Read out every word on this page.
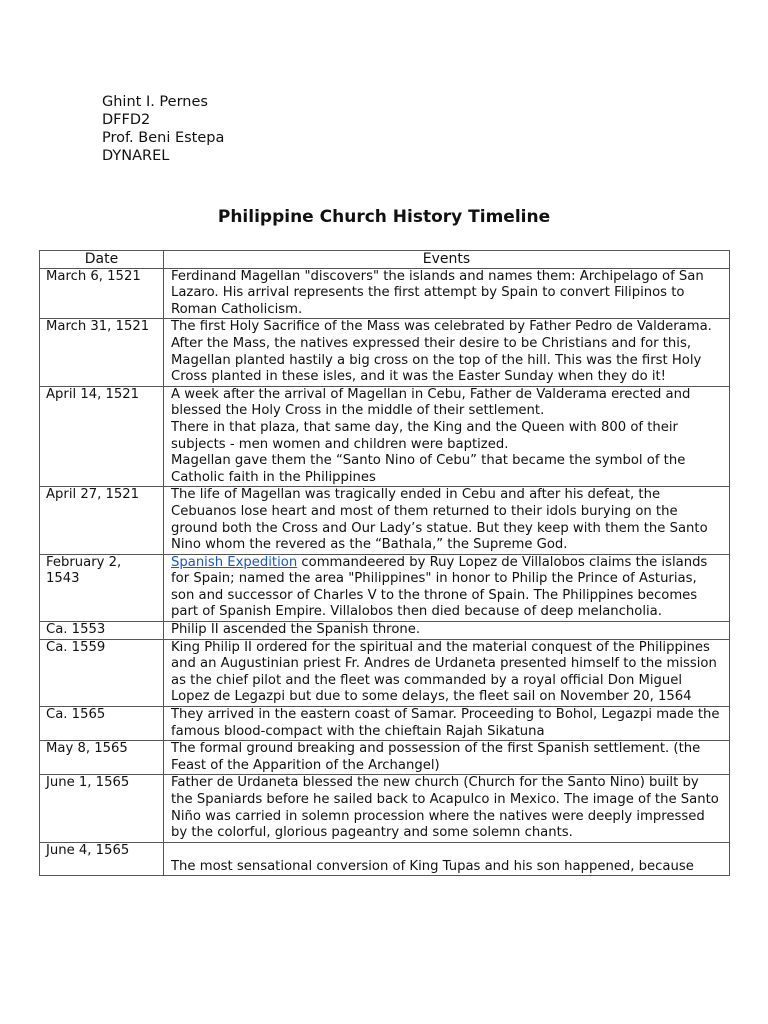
Ghint I. Pernes
DFFD2
Prof. Beni Estepa
DYNAREL
Philippine Church History Timeline
Date	Events
March 6, 1521	Ferdinand Magellan "discovers" the islands and names them: Archipelago of San Lazaro. His arrival represents the first attempt by Spain to convert Filipinos to Roman Catholicism.
March 31, 1521	The first Holy Sacrifice of the Mass was celebrated by Father Pedro de Valderama. After the Mass, the natives expressed their desire to be Christians and for this, Magellan planted hastily a big cross on the top of the hill. This was the first Holy Cross planted in these isles, and it was the Easter Sunday when they do it!
April 14, 1521	A week after the arrival of Magellan in Cebu, Father de Valderama erected and blessed the Holy Cross in the middle of their settlement.
There in that plaza, that same day, the King and the Queen with 800 of their subjects - men women and children were baptized.
Magellan gave them the “Santo Nino of Cebu” that became the symbol of the Catholic faith in the Philippines

April 27, 1521	The life of Magellan was tragically ended in Cebu and after his defeat, the Cebuanos lose heart and most of them returned to their idols burying on the ground both the Cross and Our Lady’s statue. But they keep with them the Santo Nino whom the revered as the “Bathala,” the Supreme God.
February 2, 1543	Spanish Expedition commandeered by Ruy Lopez de Villalobos claims the islands for Spain; named the area "Philippines" in honor to Philip the Prince of Asturias, son and successor of Charles V to the throne of Spain. The Philippines becomes part of Spanish Empire. Villalobos then died because of deep melancholia.
Ca. 1553	Philip II ascended the Spanish throne.
Ca. 1559	King Philip II ordered for the spiritual and the material conquest of the Philippines and an Augustinian priest Fr. Andres de Urdaneta presented himself to the mission as the chief pilot and the fleet was commanded by a royal official Don Miguel Lopez de Legazpi but due to some delays, the fleet sail on November 20, 1564
Ca. 1565	They arrived in the eastern coast of Samar. Proceeding to Bohol, Legazpi made the famous blood-compact with the chieftain Rajah Sikatuna
May 8, 1565	The formal ground breaking and possession of the first Spanish settlement. (the Feast of the Apparition of the Archangel)
June 1, 1565	Father de Urdaneta blessed the new church (Church for the Santo Nino) built by the Spaniards before he sailed back to Acapulco in Mexico. The image of the Santo Niño was carried in solemn procession where the natives were deeply impressed by the colorful, glorious pageantry and some solemn chants.
June 4, 1565	The most sensational conversion of King Tupas and his son happened, because
